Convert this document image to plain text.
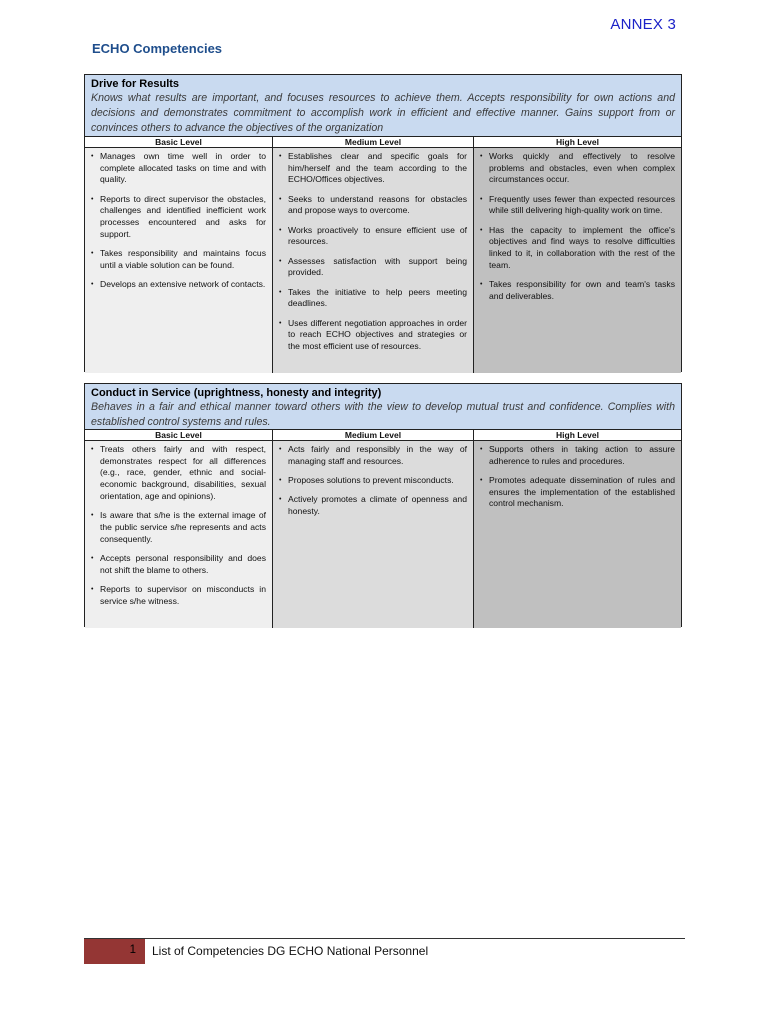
ANNEX 3
ECHO Competencies
Drive for Results
Knows what results are important, and focuses resources to achieve them. Accepts responsibility for own actions and decisions and demonstrates commitment to accomplish work in efficient and effective manner. Gains support from or convinces others to advance the objectives of the organization
Basic Level
• Manages own time well in order to complete allocated tasks on time and with quality.
• Reports to direct supervisor the obstacles, challenges and identified inefficient work processes encountered and asks for support.
• Takes responsibility and maintains focus until a viable solution can be found.
• Develops an extensive network of contacts.
Medium Level
• Establishes clear and specific goals for him/herself and the team according to the ECHO/Offices objectives.
• Seeks to understand reasons for obstacles and propose ways to overcome.
• Works proactively to ensure efficient use of resources.
• Assesses satisfaction with support being provided.
• Takes the initiative to help peers meeting deadlines.
• Uses different negotiation approaches in order to reach ECHO objectives and strategies or the most efficient use of resources.
High Level
• Works quickly and effectively to resolve problems and obstacles, even when complex circumstances occur.
• Frequently uses fewer than expected resources while still delivering high-quality work on time.
• Has the capacity to implement the office's objectives and find ways to resolve difficulties linked to it, in collaboration with the rest of the team.
• Takes responsibility for own and team's tasks and deliverables.
Conduct in Service (uprightness, honesty and integrity)
Behaves in a fair and ethical manner toward others with the view to develop mutual trust and confidence. Complies with established control systems and rules.
Basic Level
• Treats others fairly and with respect, demonstrates respect for all differences (e.g., race, gender, ethnic and social-economic background, disabilities, sexual orientation, age and opinions).
• Is aware that s/he is the external image of the public service s/he represents and acts consequently.
• Accepts personal responsibility and does not shift the blame to others.
• Reports to supervisor on misconducts in service s/he witness.
Medium Level
• Acts fairly and responsibly in the way of managing staff and resources.
• Proposes solutions to prevent misconducts.
• Actively promotes a climate of openness and honesty.
High Level
• Supports others in taking action to assure adherence to rules and procedures.
• Promotes adequate dissemination of rules and ensures the implementation of the established control mechanism.
1 List of Competencies DG ECHO National Personnel
